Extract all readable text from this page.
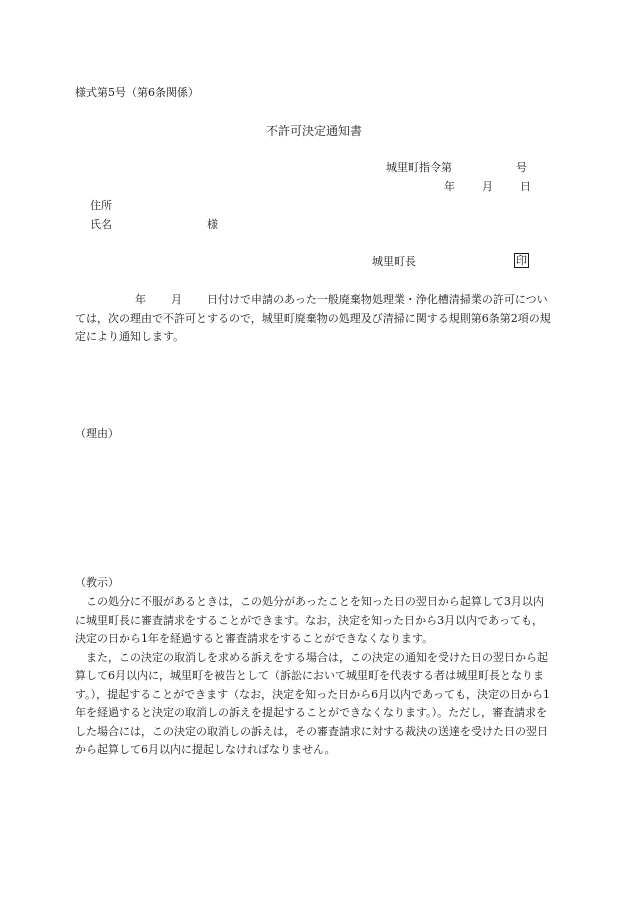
様式第5号（第6条関係）
不許可決定通知書
城里町指令第	号
年 月 日
住所
氏名	様
城里町長	印

年 月 日付けで申請のあった一般廃棄物処理業・浄化槽清掃業の許可については，次の理由で不許可とするので，城里町廃棄物の処理及び清掃に関する規則第6条第2項の規定により通知します。

（理由）
（教示）

この処分に不服があるときは，この処分があったことを知った日の翌日から起算して3月以内に城里町長に審査請求をすることができます。なお，決定を知った日から3月以内であっても，決定の日から1年を経過すると審査請求をすることができなくなります。

また，この決定の取消しを求める訴えをする場合は，この決定の通知を受けた日の翌日から起算して6月以内に，城里町を被告として（訴訟において城里町を代表する者は城里町長となります。），提起することができます（なお，決定を知った日から6月以内であっても，決定の日から1年を経過すると決定の取消しの訴えを提起することができなくなります。）。ただし，審査請求をした場合には，この決定の取消しの訴えは，その審査請求に対する裁決の送達を受けた日の翌日から起算して6月以内に提起しなければなりません。
